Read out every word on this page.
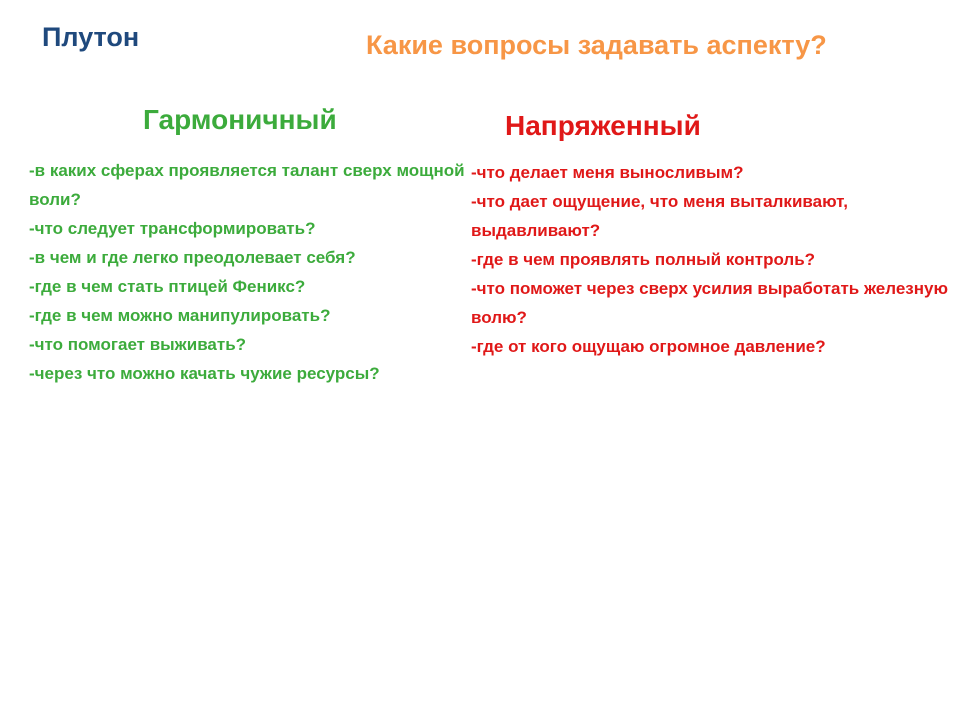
Плутон	Какие вопросы задавать аспекту?
Гармоничный
-в каких сферах проявляется талант сверх мощной воли?
-что следует трансформировать?
-в чем и где легко преодолевает себя?
-где в чем стать птицей Феникс?
-где в чем можно манипулировать?
-что помогает выживать?
-через что можно качать чужие ресурсы?
Напряженный
-что делает меня выносливым?
-что дает ощущение, что меня выталкивают, выдавливают?
-где в чем проявлять полный контроль?
-что поможет через сверх усилия выработать железную волю?
-где от кого ощущаю огромное давление?
